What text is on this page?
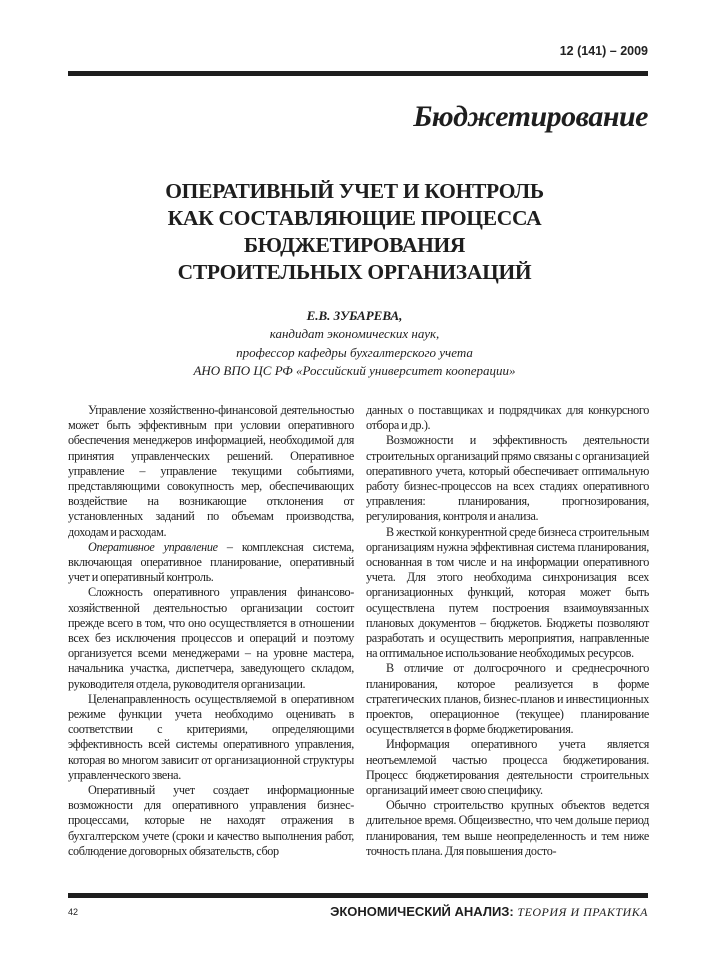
12 (141) – 2009
Бюджетирование
ОПЕРАТИВНЫЙ УЧЕТ И КОНТРОЛЬ
КАК СОСТАВЛЯЮЩИЕ ПРОЦЕССА
БЮДЖЕТИРОВАНИЯ
СТРОИТЕЛЬНЫХ ОРГАНИЗАЦИЙ
Е.В. ЗУБАРЕВА,
кандидат экономических наук,
профессор кафедры бухгалтерского учета
АНО ВПО ЦС РФ «Российский университет кооперации»

Управление хозяйственно-финансовой деятельностью может быть эффективным при условии оперативного обеспечения менеджеров информацией, необходимой для принятия управленческих решений. Оперативное управление – управление текущими событиями, представляющими совокупность мер, обеспечивающих воздействие на возникающие отклонения от установленных заданий по объемам производства, доходам и расходам.

Оперативное управление – комплексная система, включающая оперативное планирование, оперативный учет и оперативный контроль.

Сложность оперативного управления финансово-хозяйственной деятельностью организации состоит прежде всего в том, что оно осуществляется в отношении всех без исключения процессов и операций и поэтому организуется всеми менеджерами – на уровне мастера, начальника участка, диспетчера, заведующего складом, руководителя отдела, руководителя организации.

Целенаправленность осуществляемой в оперативном режиме функции учета необходимо оценивать в соответствии с критериями, определяющими эффективность всей системы оперативного управления, которая во многом зависит от организационной структуры управленческого звена.

Оперативный учет создает информационные возможности для оперативного управления бизнес-процессами, которые не находят отражения в бухгалтерском учете (сроки и качество выполнения работ, соблюдение договорных обязательств, сбор

данных о поставщиках и подрядчиках для конкурсного отбора и др.).

Возможности и эффективность деятельности строительных организаций прямо связаны с организацией оперативного учета, который обеспечивает оптимальную работу бизнес-процессов на всех стадиях оперативного управления: планирования, прогнозирования, регулирования, контроля и анализа.

В жесткой конкурентной среде бизнеса строительным организациям нужна эффективная система планирования, основанная в том числе и на информации оперативного учета. Для этого необходима синхронизация всех организационных функций, которая может быть осуществлена путем построения взаимоувязанных плановых документов – бюджетов. Бюджеты позволяют разработать и осуществить мероприятия, направленные на оптимальное использование необходимых ресурсов.

В отличие от долгосрочного и среднесрочного планирования, которое реализуется в форме стратегических планов, бизнес-планов и инвестиционных проектов, операционное (текущее) планирование осуществляется в форме бюджетирования.

Информация оперативного учета является неотъемлемой частью процесса бюджетирования. Процесс бюджетирования деятельности строительных организаций имеет свою специфику.

Обычно строительство крупных объектов ведется длительное время. Общеизвестно, что чем дольше период планирования, тем выше неопределенность и тем ниже точность плана. Для повышения досто-

42	ЭКОНОМИЧЕСКИЙ АНАЛИЗ: ТЕОРИЯ И ПРАКТИКА
